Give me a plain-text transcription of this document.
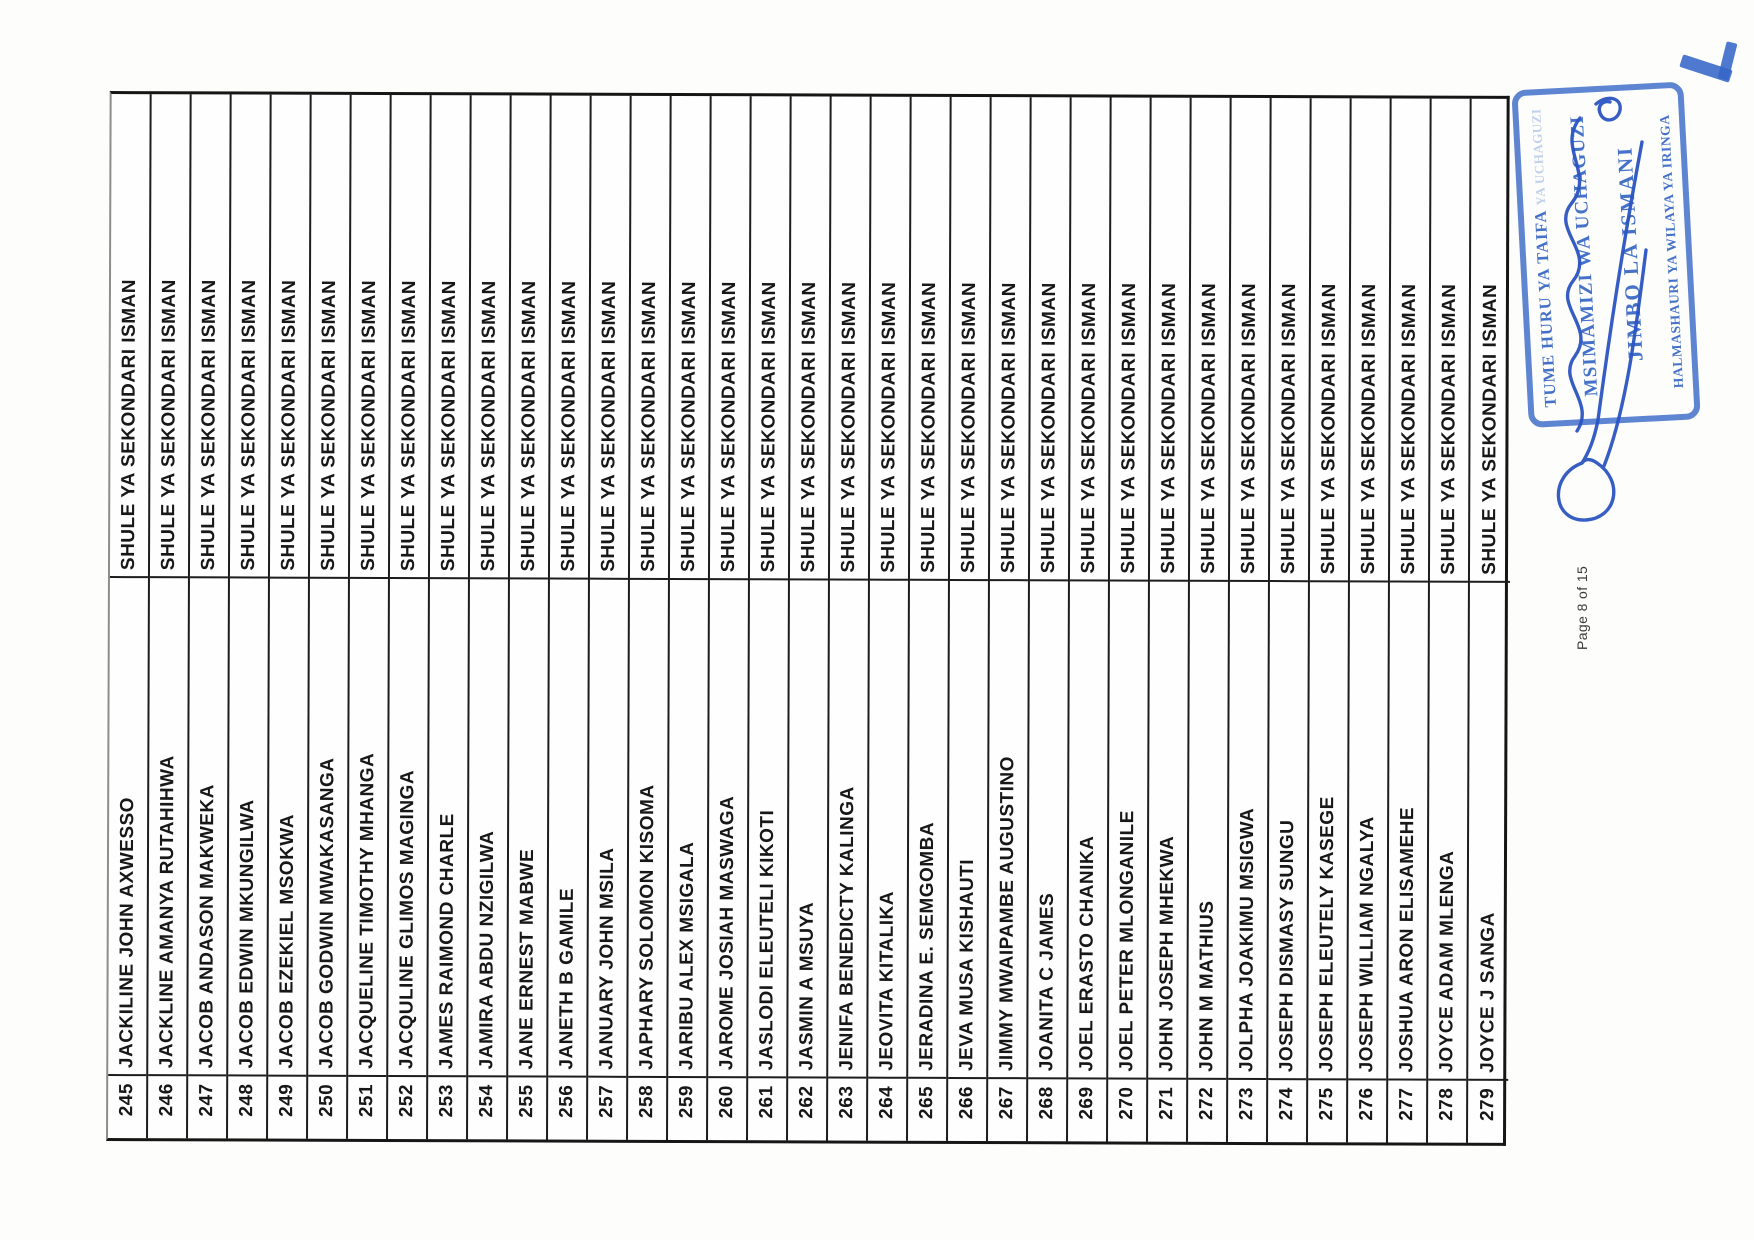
245
JACKILINE JOHN AXWESSO
SHULE YA SEKONDARI ISMAN
246
JACKLINE AMANYA RUTAHIHWA
SHULE YA SEKONDARI ISMAN
247
JACOB ANDASON MAKWEKA
SHULE YA SEKONDARI ISMAN
248
JACOB EDWIN MKUNGILWA
SHULE YA SEKONDARI ISMAN
249
JACOB EZEKIEL MSOKWA
SHULE YA SEKONDARI ISMAN
250
JACOB GODWIN MWAKASANGA
SHULE YA SEKONDARI ISMAN
251
JACQUELINE TIMOTHY MHANGA
SHULE YA SEKONDARI ISMAN
252
JACQULINE GLIMOS MAGINGA
SHULE YA SEKONDARI ISMAN
253
JAMES RAIMOND CHARLE
SHULE YA SEKONDARI ISMAN
254
JAMIRA ABDU NZIGILWA
SHULE YA SEKONDARI ISMAN
255
JANE ERNEST MABWE
SHULE YA SEKONDARI ISMAN
256
JANETH B GAMILE
SHULE YA SEKONDARI ISMAN
257
JANUARY JOHN MSILA
SHULE YA SEKONDARI ISMAN
258
JAPHARY SOLOMON KISOMA
SHULE YA SEKONDARI ISMAN
259
JARIBU ALEX MSIGALA
SHULE YA SEKONDARI ISMAN
260
JAROME JOSIAH MASWAGA
SHULE YA SEKONDARI ISMAN
261
JASLODI ELEUTELI KIKOTI
SHULE YA SEKONDARI ISMAN
262
JASMIN A MSUYA
SHULE YA SEKONDARI ISMAN
263
JENIFA BENEDICTY KALINGA
SHULE YA SEKONDARI ISMAN
264
JEOVITA KITALIKA
SHULE YA SEKONDARI ISMAN
265
JERADINA E. SEMGOMBA
SHULE YA SEKONDARI ISMAN
266
JEVA MUSA KISHAUTI
SHULE YA SEKONDARI ISMAN
267
JIMMY MWAIPAMBE AUGUSTINO
SHULE YA SEKONDARI ISMAN
268
JOANITA C JAMES
SHULE YA SEKONDARI ISMAN
269
JOEL ERASTO CHANIKA
SHULE YA SEKONDARI ISMAN
270
JOEL PETER MLONGANILE
SHULE YA SEKONDARI ISMAN
271
JOHN JOSEPH MHEKWA
SHULE YA SEKONDARI ISMAN
272
JOHN M MATHIUS
SHULE YA SEKONDARI ISMAN
273
JOLPHA JOAKIMU MSIGWA
SHULE YA SEKONDARI ISMAN
274
JOSEPH DISMASY SUNGU
SHULE YA SEKONDARI ISMAN
275
JOSEPH ELEUTELY KASEGE
SHULE YA SEKONDARI ISMAN
276
JOSEPH WILLIAM NGALYA
SHULE YA SEKONDARI ISMAN
277
JOSHUA ARON ELISAMEHE
SHULE YA SEKONDARI ISMAN
278
JOYCE ADAM MLENGA
SHULE YA SEKONDARI ISMAN
279
JOYCE J SANGA
SHULE YA SEKONDARI ISMAN
Page 8 of 15
TUME HURU YA TAIFA YA UCHAGUZI MSIMAMIZI WA UCHAGUZI JIMBO LA ISMANI HALMASHAURI YA WILAYA YA IRINGA
